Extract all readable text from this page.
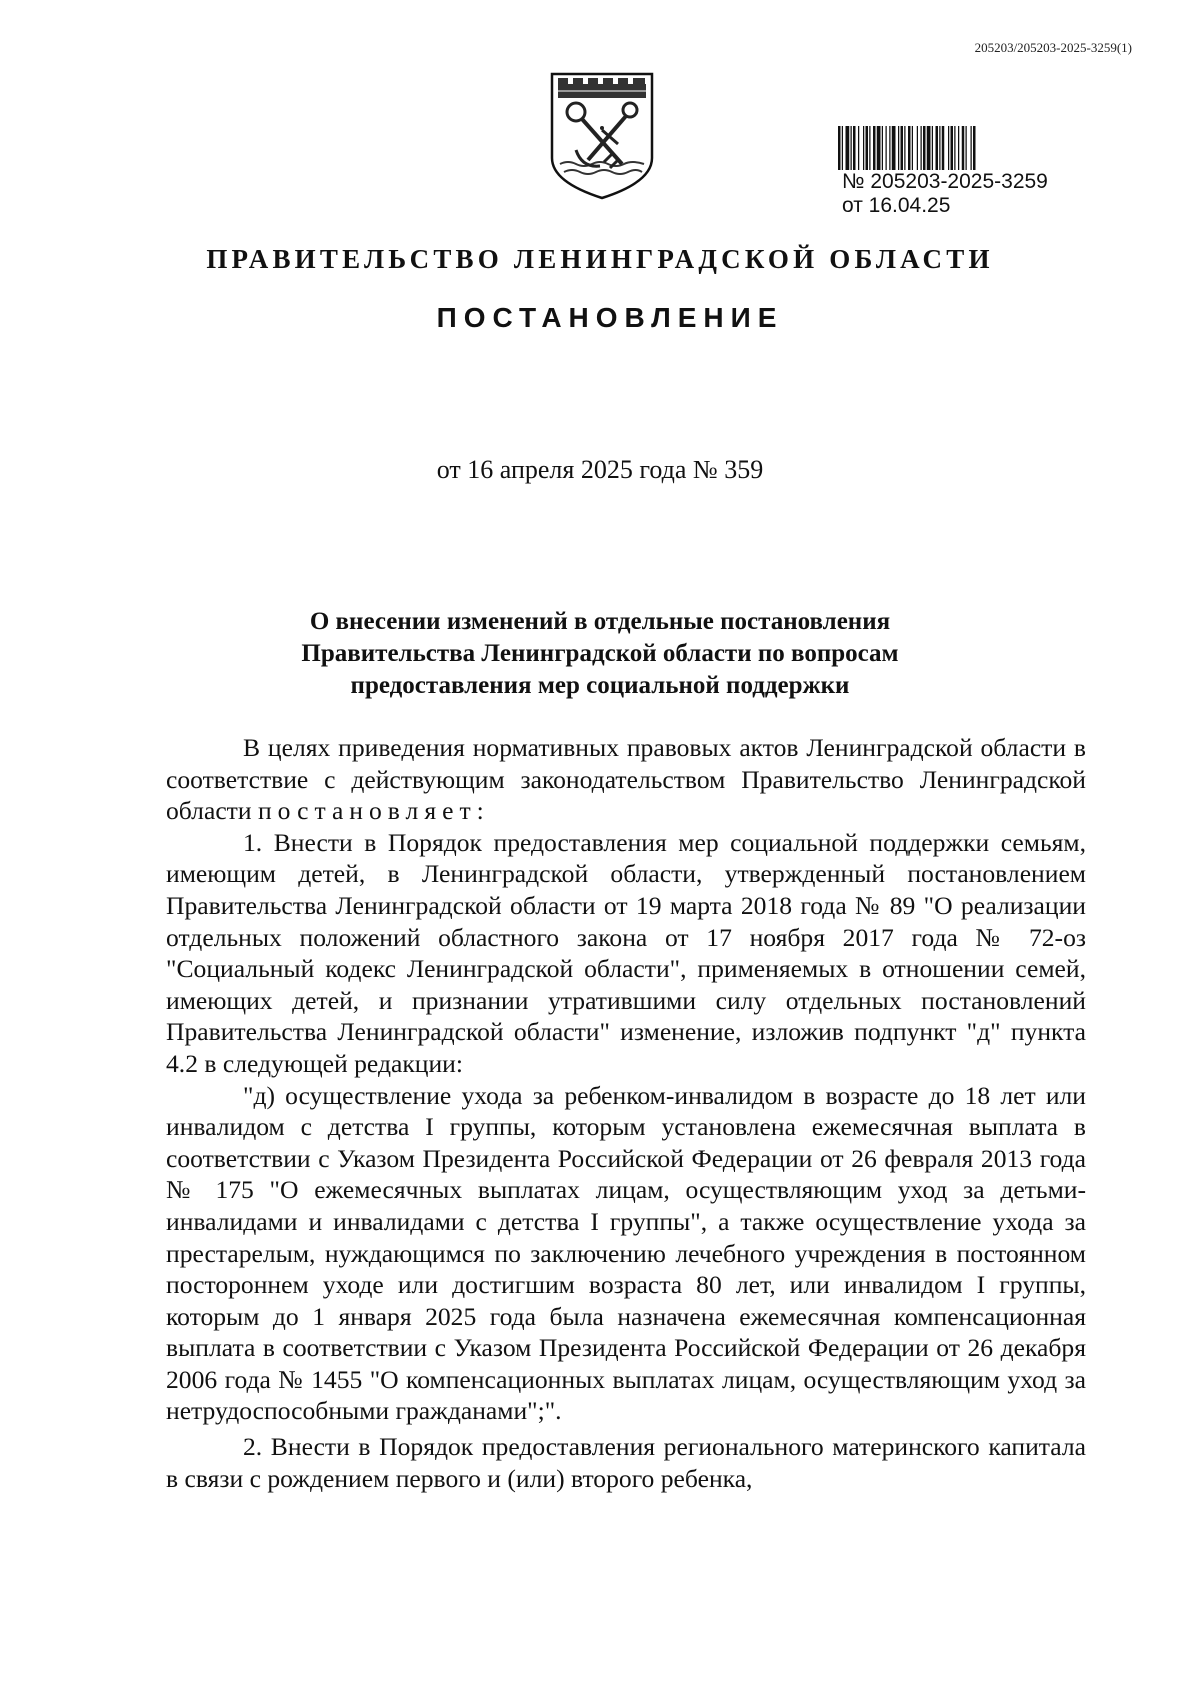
205203/205203-2025-3259(1)
№ 205203-2025-3259
от 16.04.25
ПРАВИТЕЛЬСТВО ЛЕНИНГРАДСКОЙ ОБЛАСТИ
ПОСТАНОВЛЕНИЕ
от 16 апреля 2025 года № 359
О внесении изменений в отдельные постановления
Правительства Ленинградской области по вопросам
предоставления мер социальной поддержки

В целях приведения нормативных правовых актов Ленинградской области в соответствие с действующим законодательством Правительство Ленинградской области постановляет:

1. Внести в Порядок предоставления мер социальной поддержки семьям, имеющим детей, в Ленинградской области, утвержденный постановлением Правительства Ленинградской области от 19 марта 2018 года № 89 "О реализации отдельных положений областного закона от 17 ноября 2017 года № 72-оз "Социальный кодекс Ленинградской области", применяемых в отношении семей, имеющих детей, и признании утратившими силу отдельных постановлений Правительства Ленинградской области" изменение, изложив подпункт "д" пункта 4.2 в следующей редакции:

"д) осуществление ухода за ребенком-инвалидом в возрасте до 18 лет или инвалидом с детства I группы, которым установлена ежемесячная выплата в соответствии с Указом Президента Российской Федерации от 26 февраля 2013 года № 175 "О ежемесячных выплатах лицам, осуществляющим уход за детьми-инвалидами и инвалидами с детства I группы", а также осуществление ухода за престарелым, нуждающимся по заключению лечебного учреждения в постоянном постороннем уходе или достигшим возраста 80 лет, или инвалидом I группы, которым до 1 января 2025 года была назначена ежемесячная компенсационная выплата в соответствии с Указом Президента Российской Федерации от 26 декабря 2006 года № 1455 "О компенсационных выплатах лицам, осуществляющим уход за нетрудоспособными гражданами";".

2. Внести в Порядок предоставления регионального материнского капитала в связи с рождением первого и (или) второго ребенка,
